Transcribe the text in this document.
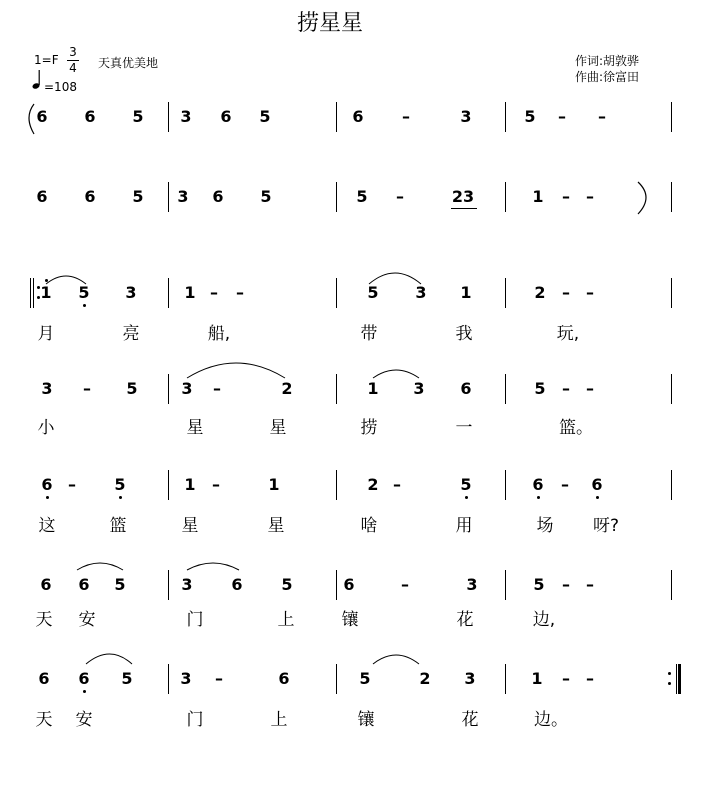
捞星星
1=F
3
4 天真优美地
=108
作词:胡敦骅
作曲:徐富田
6 6 5 3 6 5	6	–	3	5	–	–
6 6 5 3 6 5	5	–	23	1	–	–
1 5 3	1 –	–	5 3 1	2	–	–
月	亮	船,	带	我	玩,
3	–	5	3	–	2	1 3 6	5	–	–
小	星	星	捞	一	篮。
6 –	5	1	–	1	2 –	5	6	–	6
这	篮	星	星	啥	用	场 呀?
6 6 5	3 6 5	6	–	3	5	–	–
天 安	门	上	镶	花	边,
6 6 5	3	–	6	5	2 3	1	–	–
天 安	门	上	镶	花	边。
